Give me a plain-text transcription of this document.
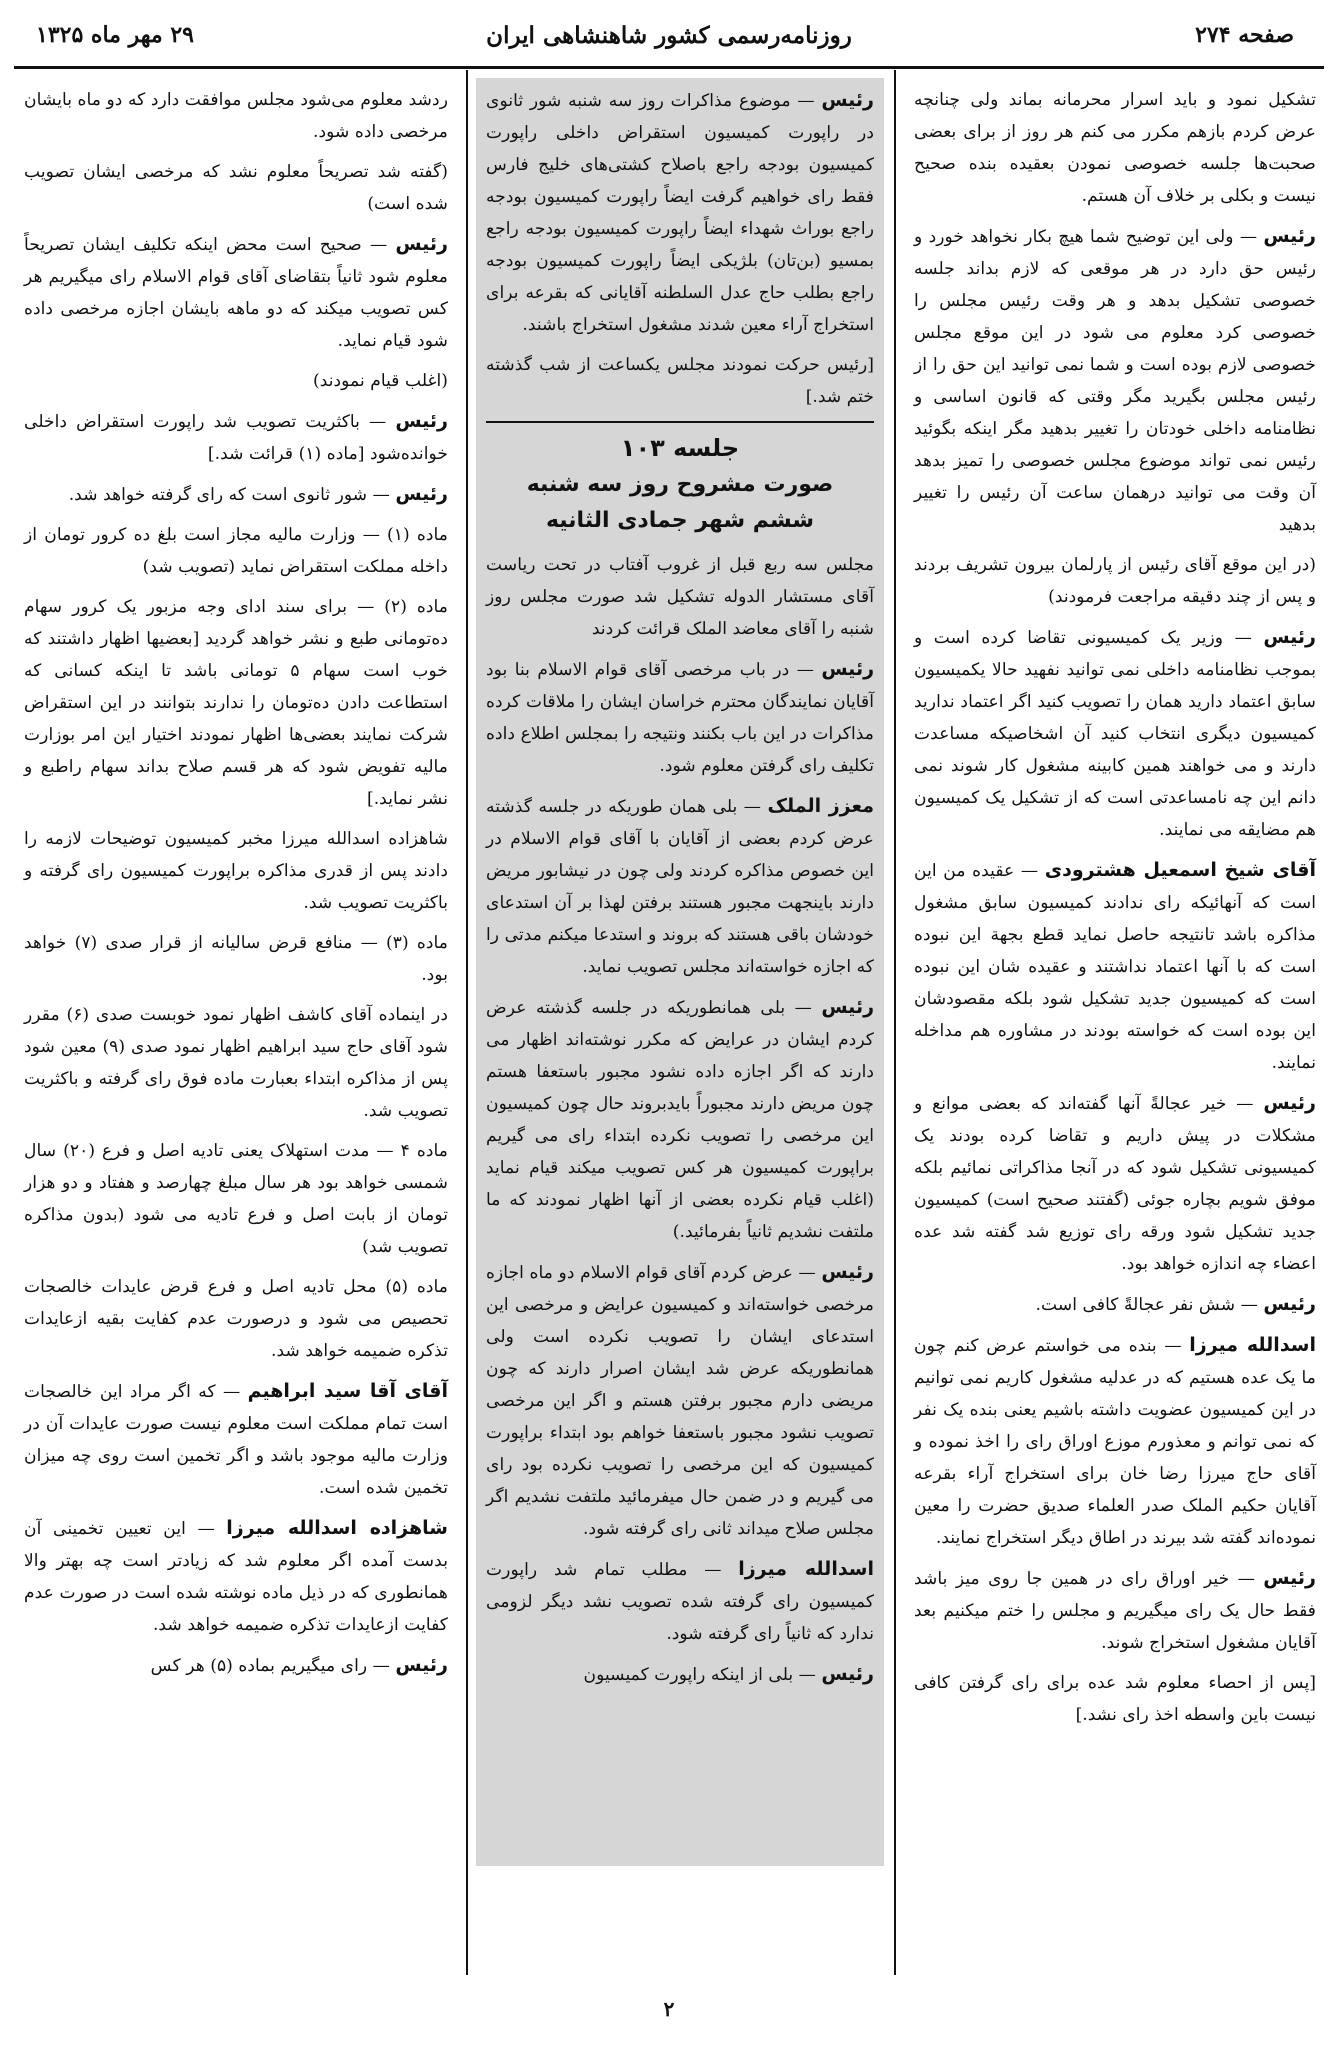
صفحه ۲۷۴
روزنامه‌رسمی کشور شاهنشاهی ایران
۲۹ مهر ماه ۱۳۲۵

تشکیل نمود و باید اسرار محرمانه بماند ولی چنانچه عرض کردم بازهم مکرر می کنم هر روز از برای بعضی صحبت‌ها جلسه خصوصی نمودن بعقیده بنده صحیح نیست و بکلی بر خلاف آن هستم.

رئیس — ولی این توضیح شما هیچ بکار نخواهد خورد و رئیس حق دارد در هر موقعی که لازم بداند جلسه خصوصی تشکیل بدهد و هر وقت رئیس مجلس را خصوصی کرد معلوم می شود در این موقع مجلس خصوصی لازم بوده است و شما نمی توانید این حق را از رئیس مجلس بگیرید مگر وقتی که قانون اساسی و نظامنامه داخلی خودتان را تغییر بدهید مگر اینکه بگوئید رئیس نمی تواند موضوع مجلس خصوصی را تمیز بدهد آن وقت می توانید درهمان ساعت آن رئیس را تغییر بدهید

(در این موقع آقای رئیس از پارلمان بیرون تشریف بردند و پس از چند دقیقه مراجعت فرمودند)

رئیس — وزیر یک کمیسیونی تقاضا کرده است و بموجب نظامنامه داخلی نمی توانید نفهید حالا یکمیسیون سابق اعتماد دارید همان را تصویب کنید اگر اعتماد ندارید کمیسیون دیگری انتخاب کنید آن اشخاصیکه مساعدت دارند و می خواهند همین کابینه مشغول کار شوند نمی دانم این چه نامساعدتی است که از تشکیل یک کمیسیون هم مضایقه می نمایند.

آقای شیخ اسمعیل هشترودی — عقیده من این است که آنهائیکه رای ندادند کمیسیون سابق مشغول مذاکره باشد تانتیجه حاصل نماید قطع بجهة این نبوده است که با آنها اعتماد نداشتند و عقیده شان این نبوده است که کمیسیون جدید تشکیل شود بلکه مقصودشان این بوده است که خواسته بودند در مشاوره هم مداخله نمایند.

رئیس — خیر عجالةً آنها گفته‌اند که بعضی موانع و مشکلات در پیش داریم و تقاضا کرده بودند یک کمیسیونی تشکیل شود که در آنجا مذاکراتی نمائیم بلکه موفق شویم بچاره جوئی (گفتند صحیح است) کمیسیون جدید تشکیل شود ورقه رای توزیع شد گفته شد عده اعضاء چه اندازه خواهد بود.

رئیس — شش نفر عجالةً کافی است.

اسدالله میرزا — بنده می خواستم عرض کنم چون ما یک عده هستیم که در عدلیه مشغول کاریم نمی توانیم در این کمیسیون عضویت داشته باشیم یعنی بنده یک نفر که نمی توانم و معذورم موزع اوراق رای را اخذ نموده و آقای حاج میرزا رضا خان برای استخراج آراء بقرعه آقایان حکیم الملک صدر العلماء صدیق حضرت را معین نموده‌اند گفته شد بیرند در اطاق دیگر استخراج نمایند.

رئیس — خیر اوراق رای در همین جا روی میز باشد فقط حال یک رای میگیریم و مجلس را ختم میکنیم بعد آقایان مشغول استخراج شوند.

[پس از احصاء معلوم شد عده برای رای گرفتن کافی نیست باین واسطه اخذ رای نشد.]

رئیس — موضوع مذاکرات روز سه شنبه شور ثانوی در راپورت کمیسیون استقراض داخلی راپورت کمیسیون بودجه راجع باصلاح کشتی‌های خلیج فارس فقط رای خواهیم گرفت ایضاً راپورت کمیسیون بودجه راجع بوراث شهداء ایضاً راپورت کمیسیون بودجه راجع بمسیو (بن‌تان) بلژیکی ایضاً راپورت کمیسیون بودجه راجع بطلب حاج عدل السلطنه آقایانی که بقرعه برای استخراج آراء معین شدند مشغول استخراج باشند.

[رئیس حرکت نمودند مجلس یکساعت از شب گذشته ختم شد.]

جلسه ۱۰۳
صورت مشروح روز سه شنبه
ششم شهر جمادی الثانیه

مجلس سه ربع قبل از غروب آفتاب در تحت ریاست آقای مستشار الدوله تشکیل شد صورت مجلس روز شنبه را آقای معاضد الملک قرائت کردند

رئیس — در باب مرخصی آقای قوام الاسلام بنا بود آقایان نمایندگان محترم خراسان ایشان را ملاقات کرده مذاکرات در این باب بکنند ونتیجه را بمجلس اطلاع داده تکلیف رای گرفتن معلوم شود.

معزز الملک — بلی همان طوریکه در جلسه گذشته عرض کردم بعضی از آقایان با آقای قوام الاسلام در این خصوص مذاکره کردند ولی چون در نیشابور مریض دارند باینجهت مجبور هستند برفتن لهذا بر آن استدعای خودشان باقی هستند که بروند و استدعا میکنم مدتی را که اجازه خواسته‌اند مجلس تصویب نماید.

رئیس — بلی همانطوریکه در جلسه گذشته عرض کردم ایشان در عرایض که مکرر نوشته‌اند اظهار می دارند که اگر اجازه داده نشود مجبور باستعفا هستم چون مریض دارند مجبوراً بایدبروند حال چون کمیسیون این مرخصی را تصویب نکرده ابتداء رای می گیریم براپورت کمیسیون هر کس تصویب میکند قیام نماید (اغلب قیام نکرده بعضی از آنها اظهار نمودند که ما ملتفت نشدیم ثانیاً بفرمائید.)

رئیس — عرض کردم آقای قوام الاسلام دو ماه اجازه مرخصی خواسته‌اند و کمیسیون عرایض و مرخصی این استدعای ایشان را تصویب نکرده است ولی همانطوریکه عرض شد ایشان اصرار دارند که چون مریضی دارم مجبور برفتن هستم و اگر این مرخصی تصویب نشود مجبور باستعفا خواهم بود ابتداء براپورت کمیسیون که این مرخصی را تصویب نکرده بود رای می گیریم و در ضمن حال میفرمائید ملتفت نشدیم اگر مجلس صلاح میداند ثانی رای گرفته شود.

اسدالله میرزا — مطلب تمام شد راپورت کمیسیون رای گرفته شده تصویب نشد دیگر لزومی ندارد که ثانیاً رای گرفته شود.

رئیس — بلی از اینکه راپورت کمیسیون

ردشد معلوم می‌شود مجلس موافقت دارد که دو ماه بایشان مرخصی داده شود.

(گفته شد تصریحاً معلوم نشد که مرخصی ایشان تصویب شده است)

رئیس — صحیح است محض اینکه تکلیف ایشان تصریحاً معلوم شود ثانیاً بتقاضای آقای قوام الاسلام رای میگیریم هر کس تصویب میکند که دو ماهه بایشان اجازه مرخصی داده شود قیام نماید.

(اغلب قیام نمودند)

رئیس — باکثریت تصویب شد راپورت استقراض داخلی خوانده‌شود [ماده (۱) قرائت شد.]

رئیس — شور ثانوی است که رای گرفته خواهد شد.

ماده (۱) — وزارت مالیه مجاز است بلغ ده کرور تومان از داخله مملکت استقراض نماید (تصویب شد)

ماده (۲) — برای سند ادای وجه مزبور یک کرور سهام ده‌تومانی طبع و نشر خواهد گردید [بعضیها اظهار داشتند که خوب است سهام ۵ تومانی باشد تا اینکه کسانی که استطاعت دادن ده‌تومان را ندارند بتوانند در این استقراض شرکت نمایند بعضی‌ها اظهار نمودند اختیار این امر بوزارت مالیه تفویض شود که هر قسم صلاح بداند سهام راطبع و نشر نماید.]

شاهزاده اسدالله میرزا مخبر کمیسیون توضیحات لازمه را دادند پس از قدری مذاکره براپورت کمیسیون رای گرفته و باکثریت تصویب شد.

ماده (۳) — منافع قرض ساليانه از قرار صدی (۷) خواهد بود.

در اینماده آقای کاشف اظهار نمود خوبست صدی (۶) مقرر شود آقای حاج سید ابراهیم اظهار نمود صدی (۹) معین شود پس از مذاکره ابتداء بعبارت ماده فوق رای گرفته و باکثریت تصویب شد.

ماده ۴ — مدت استهلاک یعنی تادیه اصل و فرع (۲۰) سال شمسی خواهد بود هر سال مبلغ چهارصد و هفتاد و دو هزار تومان از بابت اصل و فرع تادیه می شود (بدون مذاکره تصویب شد)

ماده (۵) محل تادیه اصل و فرع قرض عایدات خالصجات تحصیص می شود و درصورت عدم کفایت بقیه ازعایدات تذکره ضمیمه خواهد شد.

آقای آقا سید ابراهیم — که اگر مراد این خالصجات است تمام مملکت است معلوم نیست صورت عایدات آن در وزارت مالیه موجود باشد و اگر تخمین است روی چه میزان تخمین شده است.

شاهزاده اسدالله میرزا — این تعیین تخمینی آن بدست آمده اگر معلوم شد که زیادتر است چه بهتر والا همانطوری که در ذیل ماده نوشته شده است در صورت عدم کفایت ازعایدات تذکره ضمیمه خواهد شد.

رئیس — رای میگیریم بماده (۵) هر کس

۲
